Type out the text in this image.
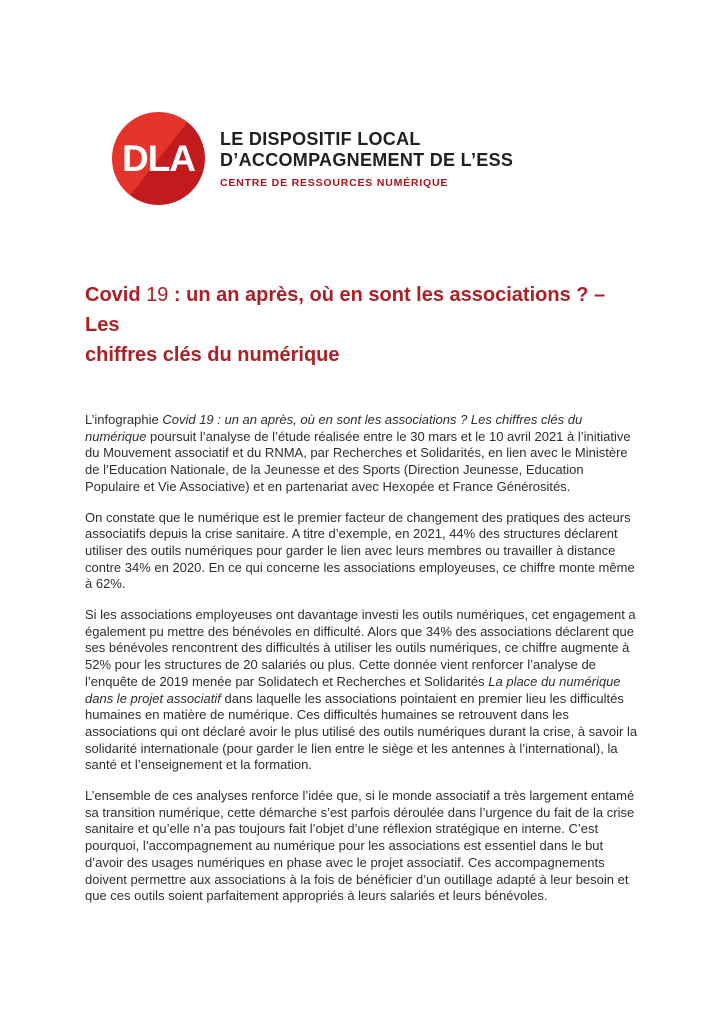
DLA LE DISPOSITIF LOCAL
D’ACCOMPAGNEMENT DE L’ESS
CENTRE DE RESSOURCES NUMÉRIQUE
Covid 19 : un an après, où en sont les associations ? – Les
chiffres clés du numérique

L’infographie Covid 19 : un an après, où en sont les associations ? Les chiffres clés du numérique poursuit l’analyse de l’étude réalisée entre le 30 mars et le 10 avril 2021 à l’initiative du Mouvement associatif et du RNMA, par Recherches et Solidarités, en lien avec le Ministère de l’Education Nationale, de la Jeunesse et des Sports (Direction Jeunesse, Education Populaire et Vie Associative) et en partenariat avec Hexopée et France Générosités.

On constate que le numérique est le premier facteur de changement des pratiques des acteurs associatifs depuis la crise sanitaire. A titre d’exemple, en 2021, 44% des structures déclarent utiliser des outils numériques pour garder le lien avec leurs membres ou travailler à distance contre 34% en 2020. En ce qui concerne les associations employeuses, ce chiffre monte même à 62%.

Si les associations employeuses ont davantage investi les outils numériques, cet engagement a également pu mettre des bénévoles en difficulté. Alors que 34% des associations déclarent que ses bénévoles rencontrent des difficultés à utiliser les outils numériques, ce chiffre augmente à 52% pour les structures de 20 salariés ou plus. Cette donnée vient renforcer l’analyse de l’enquête de 2019 menée par Solidatech et Recherches et Solidarités La place du numérique dans le projet associatif dans laquelle les associations pointaient en premier lieu les difficultés humaines en matière de numérique. Ces difficultés humaines se retrouvent dans les associations qui ont déclaré avoir le plus utilisé des outils numériques durant la crise, à savoir la solidarité internationale (pour garder le lien entre le siège et les antennes à l’international), la santé et l’enseignement et la formation.

L’ensemble de ces analyses renforce l’idée que, si le monde associatif a très largement entamé sa transition numérique, cette démarche s’est parfois déroulée dans l’urgence du fait de la crise sanitaire et qu’elle n’a pas toujours fait l’objet d’une réflexion stratégique en interne. C’est pourquoi, l’accompagnement au numérique pour les associations est essentiel dans le but d’avoir des usages numériques en phase avec le projet associatif. Ces accompagnements doivent permettre aux associations à la fois de bénéficier d’un outillage adapté à leur besoin et que ces outils soient parfaitement appropriés à leurs salariés et leurs bénévoles.
